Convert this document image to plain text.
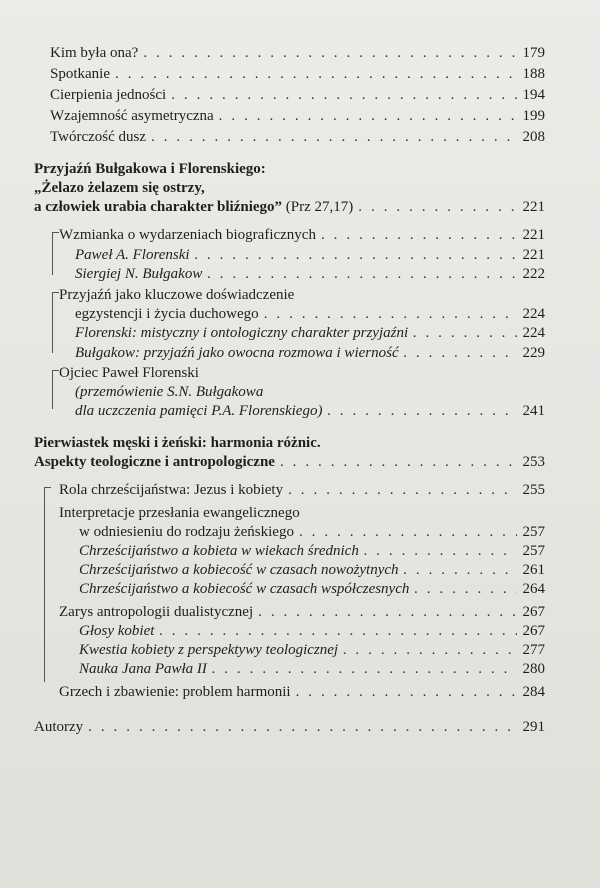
Kim była ona? . . .	179
Spotkanie . . .	188
Cierpienia jedności . . .	194
Wzajemność asymetryczna . . .	199
Twórczość dusz . . .	208
Przyjaźń Bułgakowa i Florenskiego:
„Żelazo żelazem się ostrzy,
a człowiek urabia charakter bliźniego” (Prz 27,17) . . .	221
Wzmianka o wydarzeniach biograficznych . . .	221
Paweł A. Florenski . . .	221
Siergiej N. Bułgakow . . .	222
Przyjaźń jako kluczowe doświadczenie
egzystencji i życia duchowego . . .	224
Florenski: mistyczny i ontologiczny charakter przyjaźni . . .	224
Bułgakow: przyjaźń jako owocna rozmowa i wierność . . .	229
Ojciec Paweł Florenski
(przemówienie S.N. Bułgakowa
dla uczczenia pamięci P.A. Florenskiego) . . .	241
Pierwiastek męski i żeński: harmonia różnic.
Aspekty teologiczne i antropologiczne . . .	253
Rola chrześcijaństwa: Jezus i kobiety . . .	255
Interpretacje przesłania ewangelicznego
w odniesieniu do rodzaju żeńskiego . . .	257
Chrześcijaństwo a kobieta w wiekach średnich . . .	257
Chrześcijaństwo a kobiecość w czasach nowożytnych . . .	261
Chrześcijaństwo a kobiecość w czasach współczesnych . . .	264
Zarys antropologii dualistycznej . . .	267
Głosy kobiet . . .	267
Kwestia kobiety z perspektywy teologicznej . . .	277
Nauka Jana Pawła II . . .	280
Grzech i zbawienie: problem harmonii . . .	284
Autorzy . . .	291
